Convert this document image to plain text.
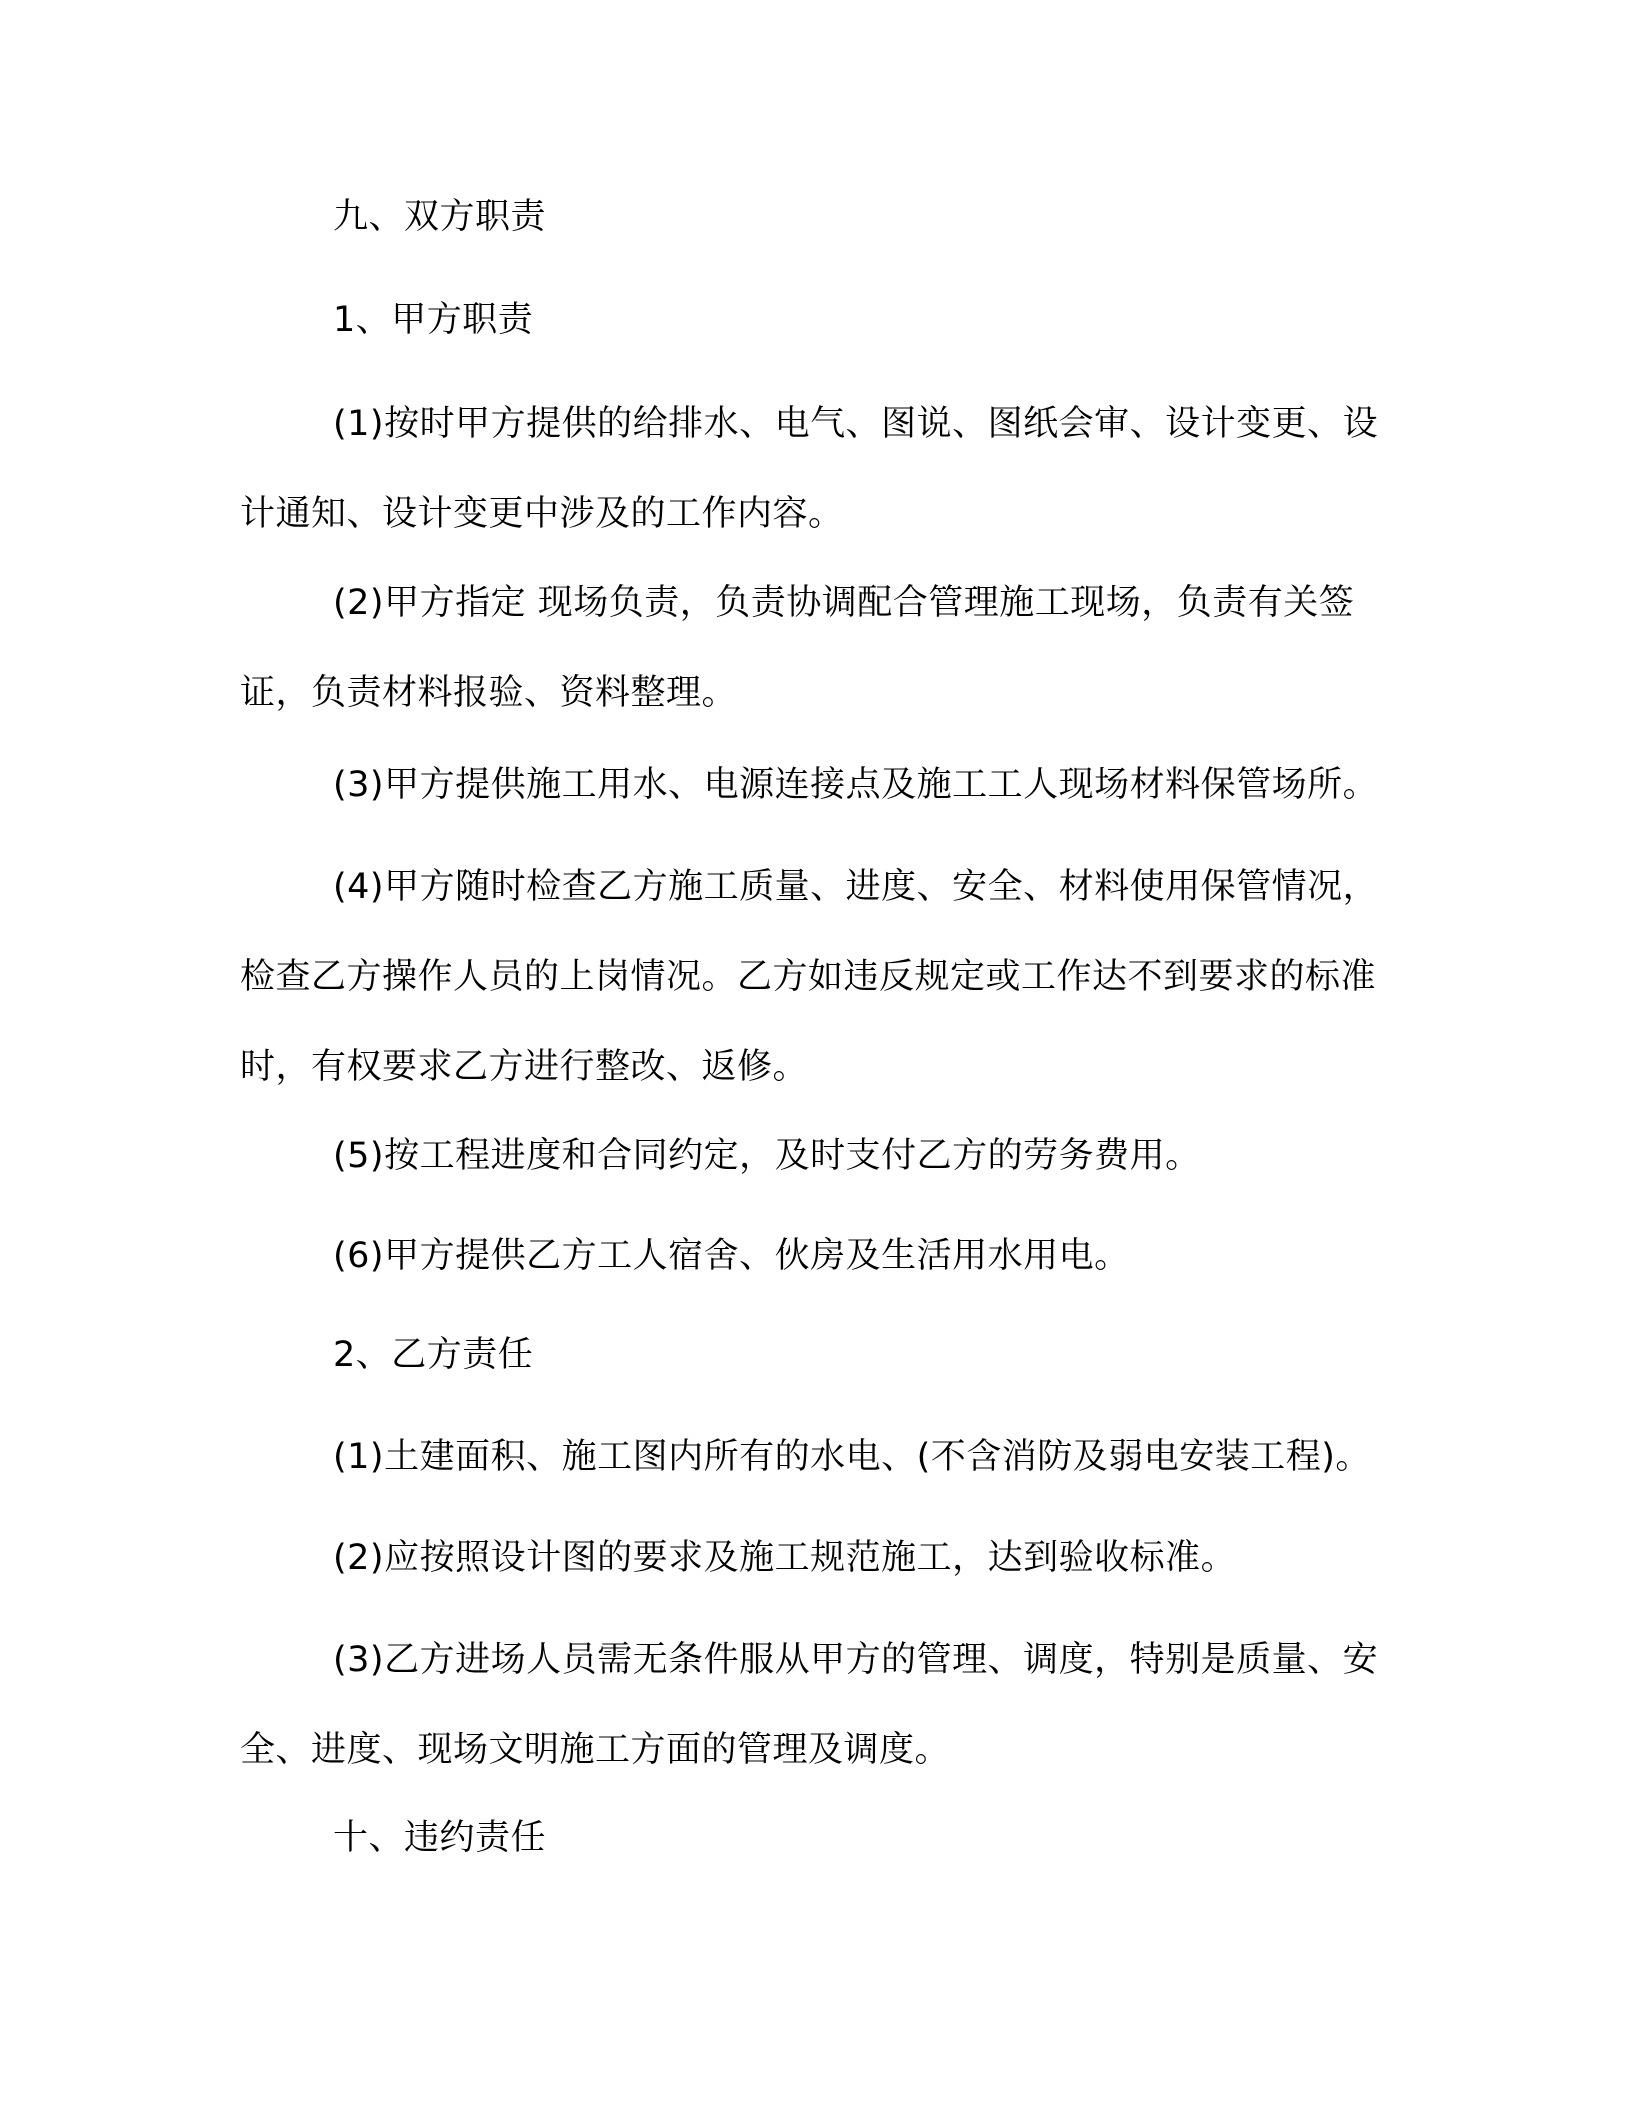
九、双方职责

1、甲方职责

(1)按时甲方提供的给排水、电气、图说、图纸会审、设计变更、设计通知、设计变更中涉及的工作内容。

(2)甲方指定 现场负责，负责协调配合管理施工现场，负责有关签证，负责材料报验、资料整理。

(3)甲方提供施工用水、电源连接点及施工工人现场材料保管场所。

(4)甲方随时检查乙方施工质量、进度、安全、材料使用保管情况，检查乙方操作人员的上岗情况。乙方如违反规定或工作达不到要求的标准时，有权要求乙方进行整改、返修。

(5)按工程进度和合同约定，及时支付乙方的劳务费用。

(6)甲方提供乙方工人宿舍、伙房及生活用水用电。

2、乙方责任

(1)土建面积、施工图内所有的水电、(不含消防及弱电安装工程)。

(2)应按照设计图的要求及施工规范施工，达到验收标准。

(3)乙方进场人员需无条件服从甲方的管理、调度，特别是质量、安全、进度、现场文明施工方面的管理及调度。

十、违约责任
